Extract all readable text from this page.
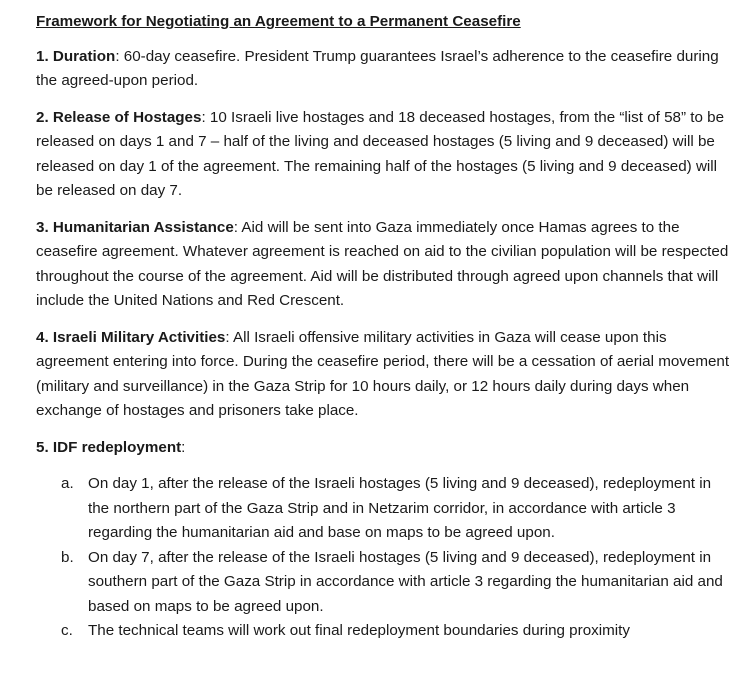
Framework for Negotiating an Agreement to a Permanent Ceasefire

1. Duration: 60-day ceasefire. President Trump guarantees Israel’s adherence to the ceasefire during the agreed-upon period.

2. Release of Hostages: 10 Israeli live hostages and 18 deceased hostages, from the “list of 58” to be released on days 1 and 7 – half of the living and deceased hostages (5 living and 9 deceased) will be released on day 1 of the agreement. The remaining half of the hostages (5 living and 9 deceased) will be released on day 7.

3. Humanitarian Assistance: Aid will be sent into Gaza immediately once Hamas agrees to the ceasefire agreement. Whatever agreement is reached on aid to the civilian population will be respected throughout the course of the agreement. Aid will be distributed through agreed upon channels that will include the United Nations and Red Crescent.

4. Israeli Military Activities: All Israeli offensive military activities in Gaza will cease upon this agreement entering into force. During the ceasefire period, there will be a cessation of aerial movement (military and surveillance) in the Gaza Strip for 10 hours daily, or 12 hours daily during days when exchange of hostages and prisoners take place.

5. IDF redeployment:

a. On day 1, after the release of the Israeli hostages (5 living and 9 deceased), redeployment in the northern part of the Gaza Strip and in Netzarim corridor, in accordance with article 3 regarding the humanitarian aid and base on maps to be agreed upon.
b. On day 7, after the release of the Israeli hostages (5 living and 9 deceased), redeployment in southern part of the Gaza Strip in accordance with article 3 regarding the humanitarian aid and based on maps to be agreed upon.
c. The technical teams will work out final redeployment boundaries during proximity
